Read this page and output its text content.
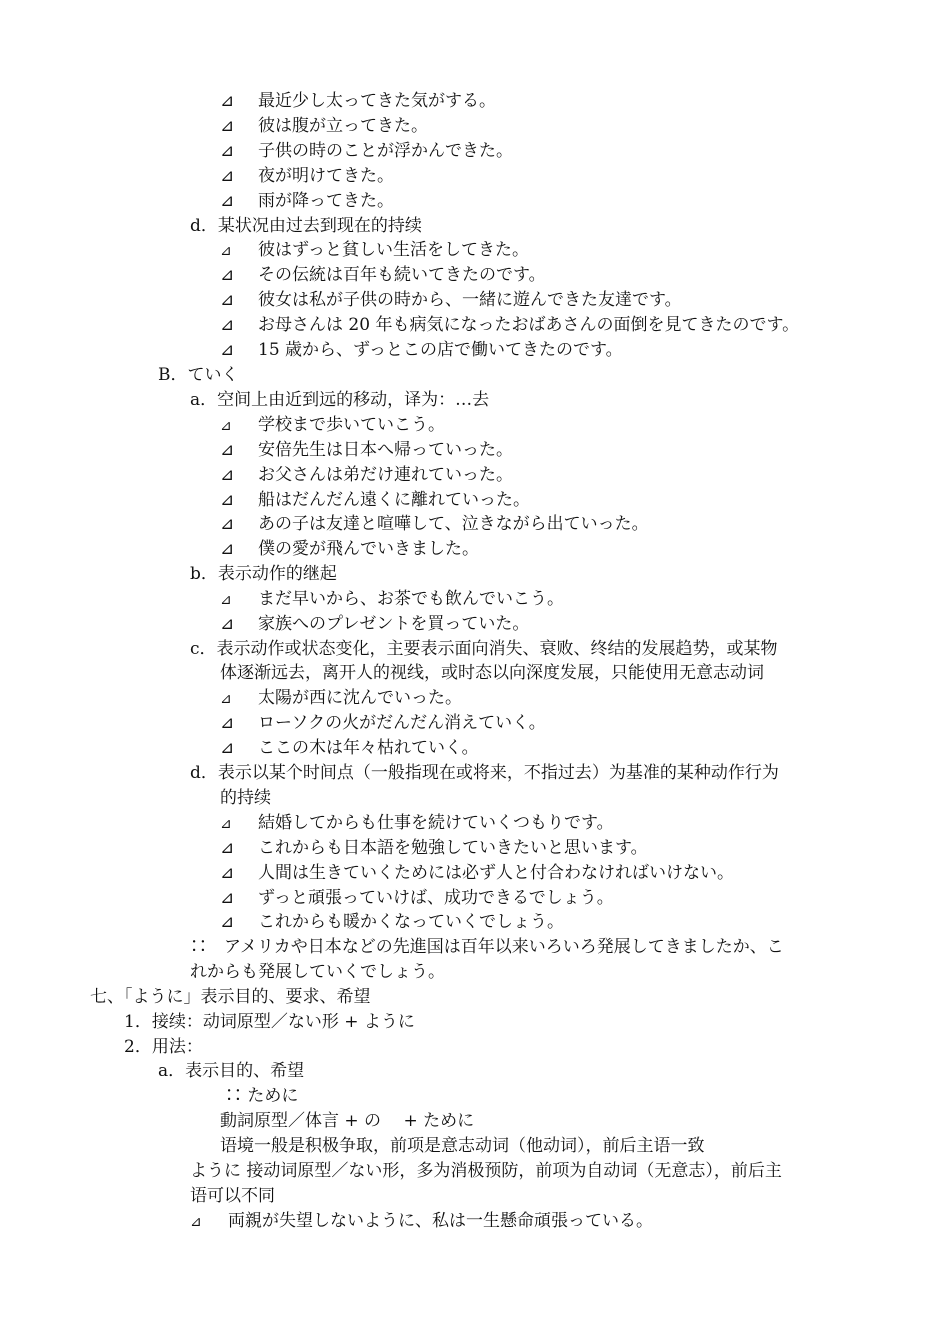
⊿ 最近少し太ってきた気がする。
⊿ 彼は腹が立ってきた。
⊿ 子供の時のことが浮かんできた。
⊿ 夜が明けてきた。
⊿ 雨が降ってきた。
d．某状况由过去到现在的持续
⊿ 彼はずっと貧しい生活をしてきた。
⊿ その伝統は百年も続いてきたのです。
⊿ 彼女は私が子供の時から、一緒に遊んできた友達です。
⊿ お母さんは 20 年も病気になったおばあさんの面倒を見てきたのです。
⊿ 15 歳から、ずっとこの店で働いてきたのです。
B．ていく
a．空间上由近到远的移动，译为：…去
⊿ 学校まで歩いていこう。
⊿ 安倍先生は日本へ帰っていった。
⊿ お父さんは弟だけ連れていった。
⊿ 船はだんだん遠くに離れていった。
⊿ あの子は友達と喧嘩して、泣きながら出ていった。
⊿ 僕の愛が飛んでいきました。
b．表示动作的继起
⊿ まだ早いから、お茶でも飲んでいこう。
⊿ 家族へのプレゼントを買っていた。
c．表示动作或状态变化，主要表示面向消失、衰败、终结的发展趋势，或某物
体逐渐远去，离开人的视线，或时态以向深度发展，只能使用无意志动词
⊿ 太陽が西に沈んでいった。
⊿ ローソクの火がだんだん消えていく。
⊿ ここの木は年々枯れていく。
d．表示以某个时间点（一般指现在或将来，不指过去）为基准的某种动作行为
的持续
⊿ 結婚してからも仕事を続けていくつもりです。
⊿ これからも日本語を勉強していきたいと思います。
⊿ 人間は生きていくためには必ず人と付合わなければいけない。
⊿ ずっと頑張っていけば、成功できるでしょう。
⊿ これからも暖かくなっていくでしょう。
∷　アメリカや日本などの先進国は百年以来いろいろ発展してきましたか、こ
れからも発展していくでしょう。
七、「ように」表示目的、要求、希望
1．接续：动词原型／ない形 + ように
2．用法：
a．表示目的、希望
∷ ために
動詞原型／体言 + の　 + ために
语境一般是积极争取，前项是意志动词（他动词），前后主语一致
ように 接动词原型／ない形，多为消极预防，前项为自动词（无意志），前后主
语可以不同
⊿ 両親が失望しないように、私は一生懸命頑張っている。
